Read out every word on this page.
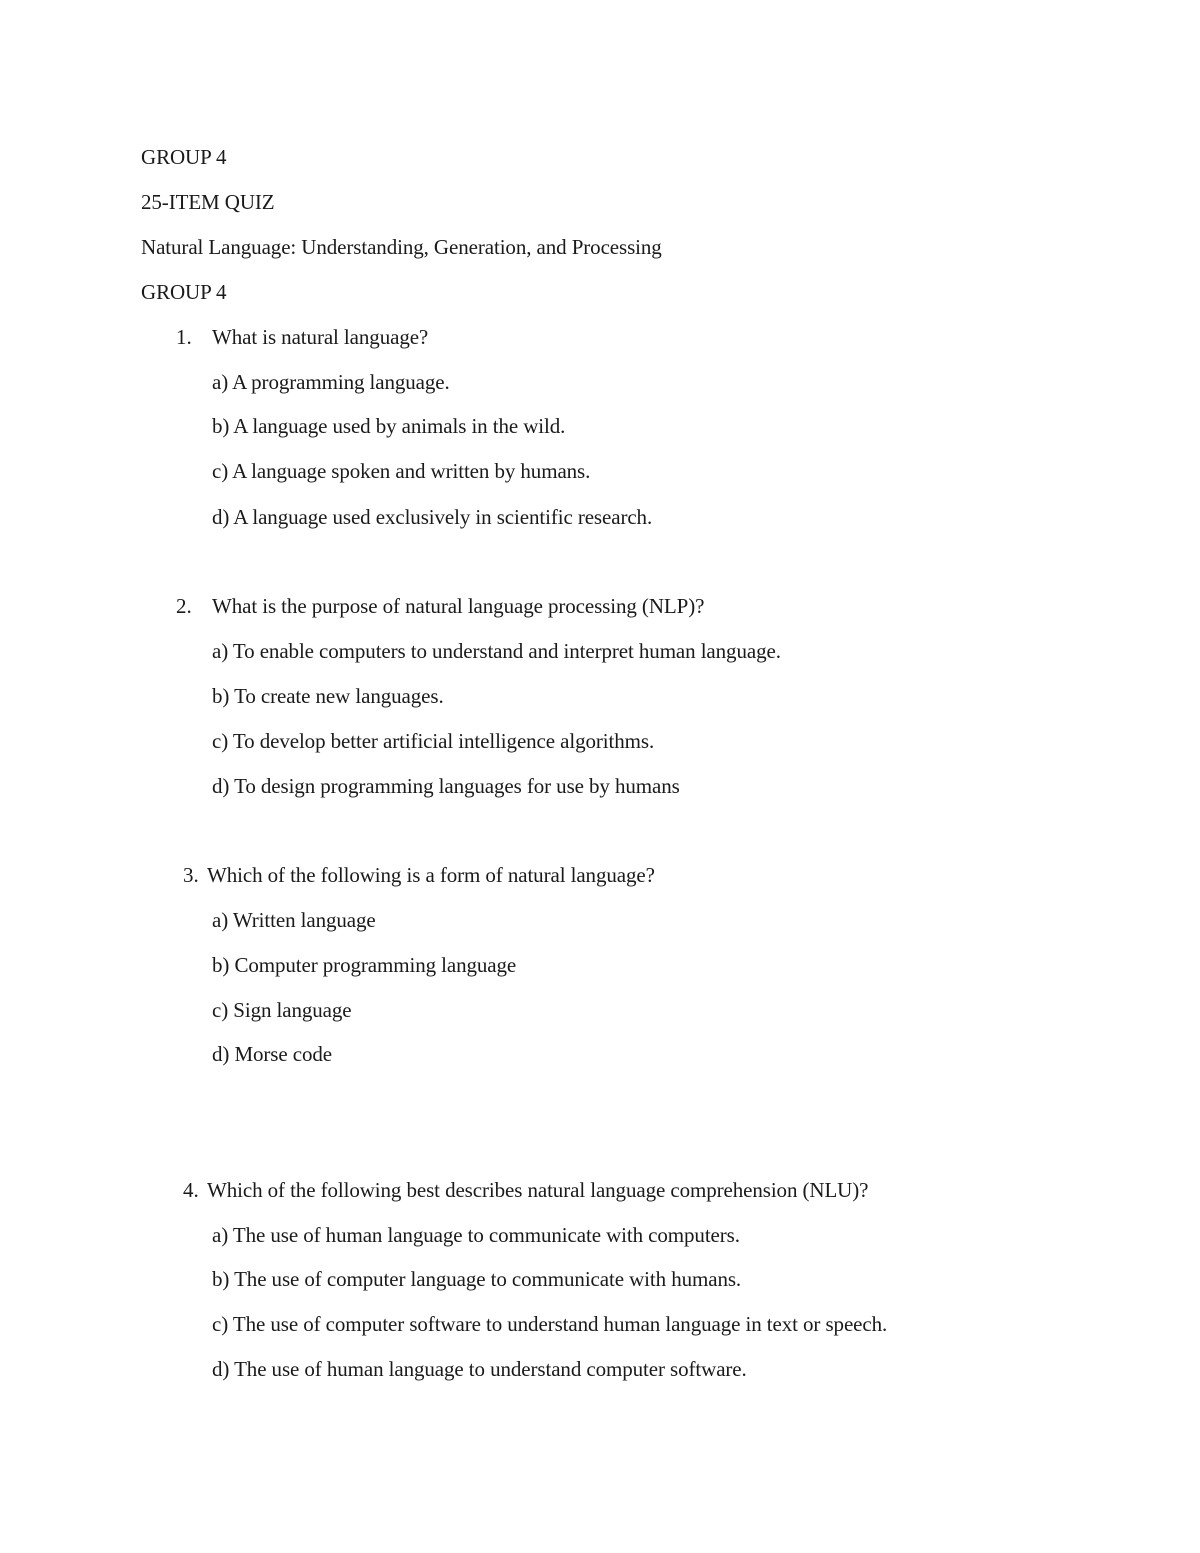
GROUP 4
25-ITEM QUIZ
Natural Language: Understanding, Generation, and Processing
GROUP 4
1. What is natural language?
a) A programming language.
b) A language used by animals in the wild.
c) A language spoken and written by humans.
d) A language used exclusively in scientific research.
2. What is the purpose of natural language processing (NLP)?
a) To enable computers to understand and interpret human language.
b) To create new languages.
c) To develop better artificial intelligence algorithms.
d) To design programming languages for use by humans
3. Which of the following is a form of natural language?
a) Written language
b) Computer programming language
c) Sign language
d) Morse code
4. Which of the following best describes natural language comprehension (NLU)?
a) The use of human language to communicate with computers.
b) The use of computer language to communicate with humans.
c) The use of computer software to understand human language in text or speech.
d) The use of human language to understand computer software.
